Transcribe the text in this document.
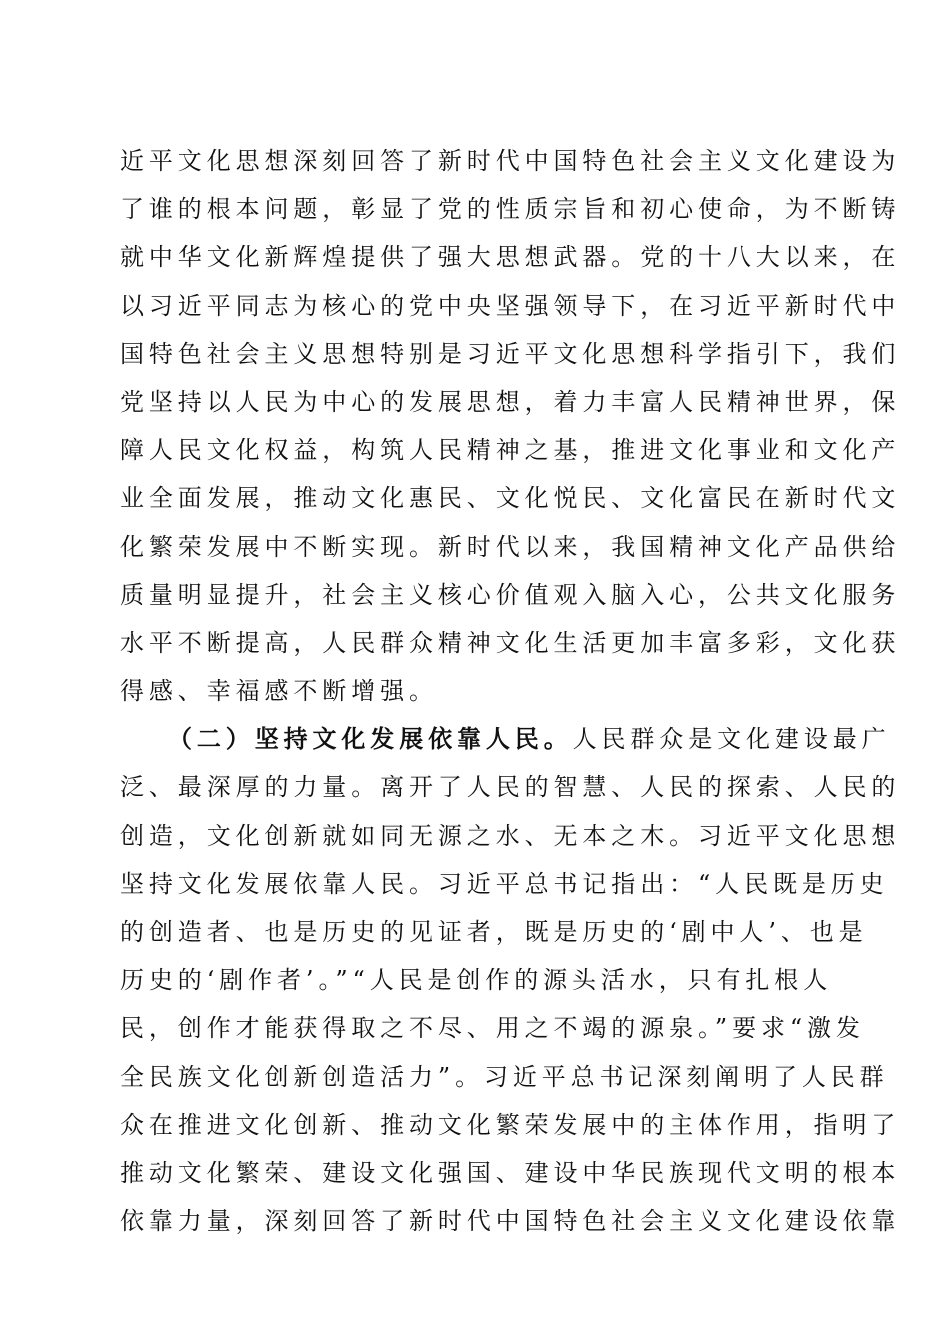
近平文化思想深刻回答了新时代中国特色社会主义文化建设为
了谁的根本问题，彰显了党的性质宗旨和初心使命，为不断铸
就中华文化新辉煌提供了强大思想武器。党的十八大以来，在
以习近平同志为核心的党中央坚强领导下，在习近平新时代中
国特色社会主义思想特别是习近平文化思想科学指引下，我们
党坚持以人民为中心的发展思想，着力丰富人民精神世界，保
障人民文化权益，构筑人民精神之基，推进文化事业和文化产
业全面发展，推动文化惠民、文化悦民、文化富民在新时代文
化繁荣发展中不断实现。新时代以来，我国精神文化产品供给
质量明显提升，社会主义核心价值观入脑入心，公共文化服务
水平不断提高，人民群众精神文化生活更加丰富多彩，文化获
得感、幸福感不断增强。
（二）坚持文化发展依靠人民。人民群众是文化建设最广
泛、最深厚的力量。离开了人民的智慧、人民的探索、人民的
创造，文化创新就如同无源之水、无本之木。习近平文化思想
坚持文化发展依靠人民。习近平总书记指出：“人民既是历史
的创造者、也是历史的见证者，既是历史的‘剧中人’、也是
历史的‘剧作者’。”“人民是创作的源头活水，只有扎根人
民，创作才能获得取之不尽、用之不竭的源泉。”要求“激发
全民族文化创新创造活力”。习近平总书记深刻阐明了人民群
众在推进文化创新、推动文化繁荣发展中的主体作用，指明了
推动文化繁荣、建设文化强国、建设中华民族现代文明的根本
依靠力量，深刻回答了新时代中国特色社会主义文化建设依靠
